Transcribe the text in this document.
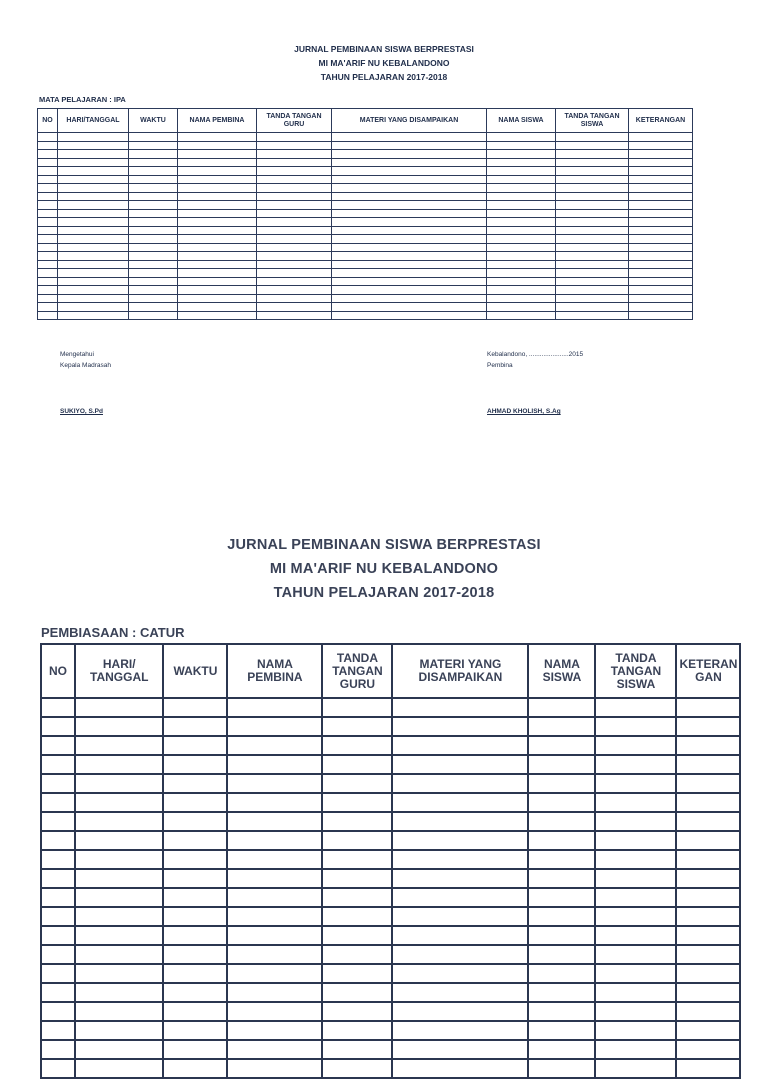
JURNAL PEMBINAAN SISWA BERPRESTASI
MI MA'ARIF NU KEBALANDONO
TAHUN PELAJARAN 2017-2018
MATA PELAJARAN : IPA
NO	HARI/TANGGAL	WAKTU	NAMA PEMBINA	TANDA TANGAN GURU	MATERI YANG DISAMPAIKAN	NAMA SISWA	TANDA TANGAN SISWA	KETERANGAN

Mengetahui
Kepala Madrasah
SUKIYO, S.Pd
Kebalandono, ......................2015
Pembina
AHMAD KHOLISH, S.Ag
JURNAL PEMBINAAN SISWA BERPRESTASI
MI MA'ARIF NU KEBALANDONO
TAHUN PELAJARAN 2017-2018
PEMBIASAAN : CATUR
NO	HARI/ TANGGAL	WAKTU	NAMA PEMBINA	TANDA TANGAN GURU	MATERI YANG DISAMPAIKAN	NAMA SISWA	TANDA TANGAN SISWA	KETERAN GAN
